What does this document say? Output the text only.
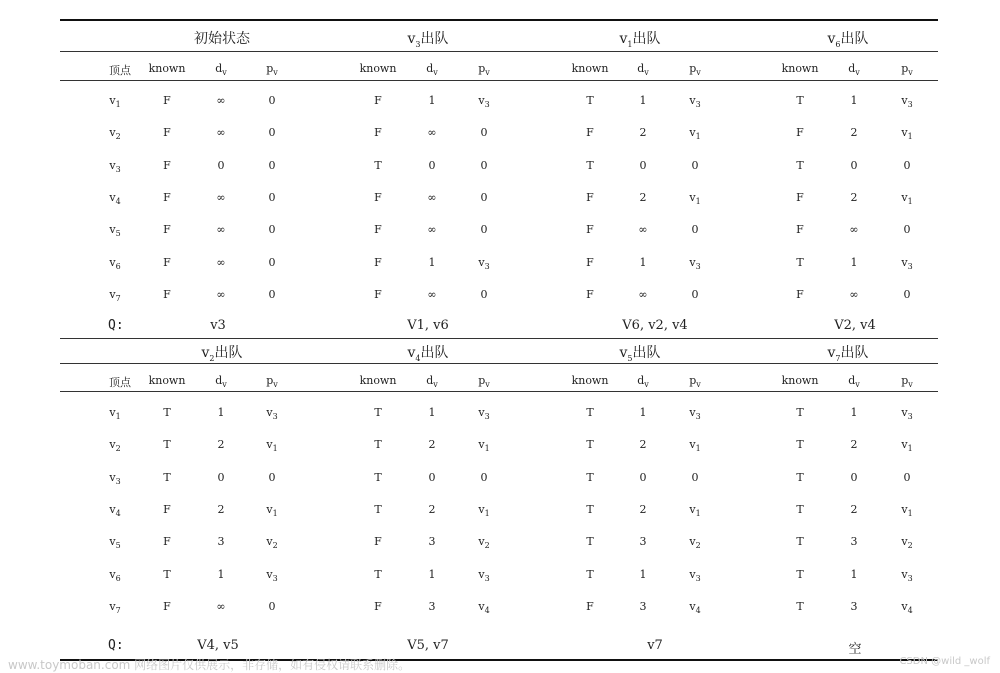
初始状态	$v_3$出队	$v_1$出队	$v_6$出队
顶点 known	$d_v$	$p_v$	known	$d_v$	$p_v$	known	$d_v$	$p_v$	known	$d_v$	$p_v$
$v_1$	F	∞	0	F	1	$v_3$	T	1	$v_3$	T	1	$v_3$
$v_2$	F	∞	0	F	∞	0	F	2	$v_1$	F	2	$v_1$
$v_3$	F	0	0	T	0	0	T	0	0	T	0	0
$v_4$	F	∞	0	F	∞	0	F	2	$v_1$	F	2	$v_1$
$v_5$	F	∞	0	F	∞	0	F	∞	0	F	∞	0
$v_6$	F	∞	0	F	1	$v_3$	F	1	$v_3$	T	1	$v_3$
$v_7$	F	∞	0	F	∞	0	F	∞	0	F	∞	0
Q:	v3	V1, v6	V6, v2, v4	V2, v4
$v_2$出队	$v_4$出队	$v_5$出队	$v_7$出队
顶点 known	$d_v$	$p_v$	known	$d_v$	$p_v$	known	$d_v$	$p_v$	known	$d_v$	$p_v$
$v_1$	T	1	$v_3$	T	1	$v_3$	T	1	$v_3$	T	1	$v_3$
$v_2$	T	2	$v_1$	T	2	$v_1$	T	2	$v_1$	T	2	$v_1$
$v_3$	T	0	0	T	0	0	T	0	0	T	0	0
$v_4$	F	2	$v_1$	T	2	$v_1$	T	2	$v_1$	T	2	$v_1$
$v_5$	F	3	$v_2$	F	3	$v_2$	T	3	$v_2$	T	3	$v_2$
$v_6$	T	1	$v_3$	T	1	$v_3$	T	1	$v_3$	T	1	$v_3$
$v_7$	F	∞	0	F	3	$v_4$	F	3	$v_4$	T	3	$v_4$
Q:	V4, v5	V5, v7	v7	空
www.toymoban.com 网络图片仅供展示，非存储，如有侵权请联系删除。	CSDN @wild _wolf
